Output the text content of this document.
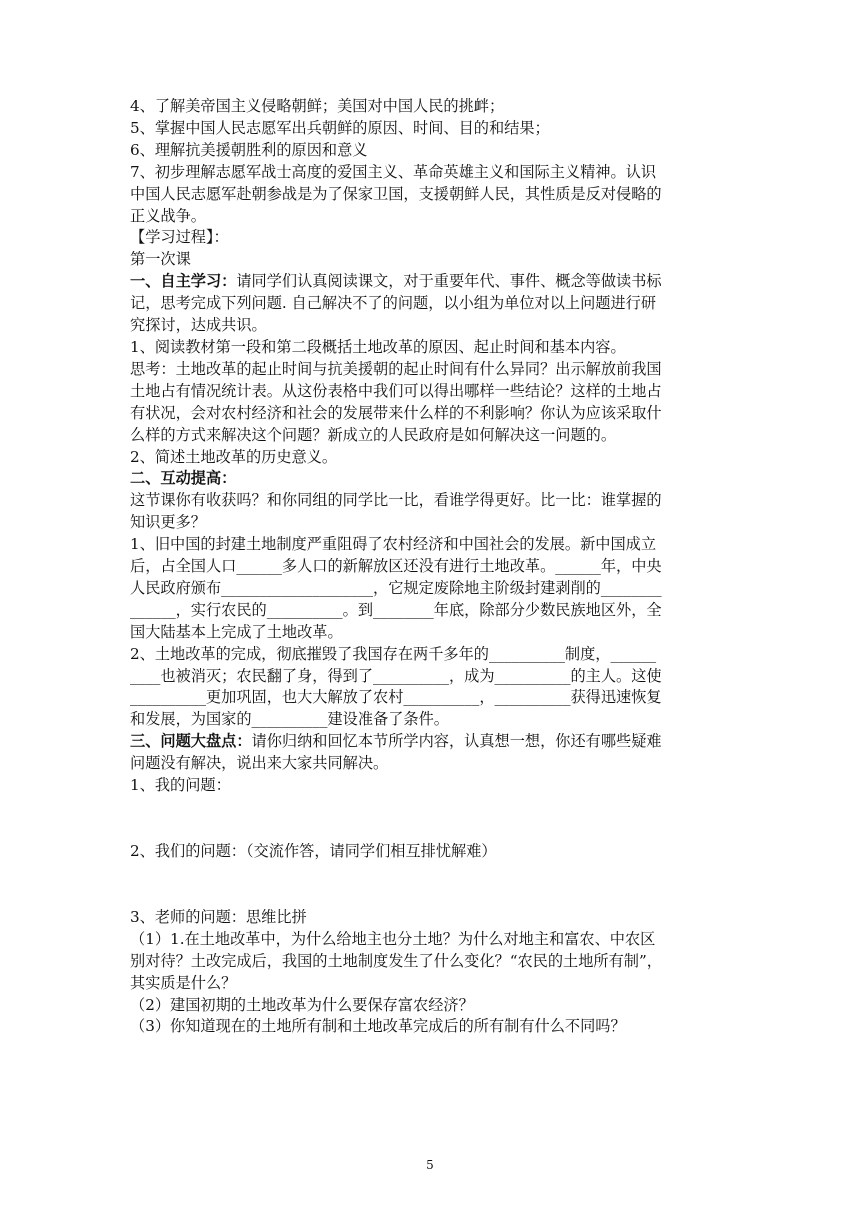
4、了解美帝国主义侵略朝鲜；美国对中国人民的挑衅；
5、掌握中国人民志愿军出兵朝鲜的原因、时间、目的和结果；
6、理解抗美援朝胜利的原因和意义
7、初步理解志愿军战士高度的爱国主义、革命英雄主义和国际主义精神。认识
中国人民志愿军赴朝参战是为了保家卫国，支援朝鲜人民，其性质是反对侵略的
正义战争。
【学习过程】：
第一次课
一、自主学习：请同学们认真阅读课文，对于重要年代、事件、概念等做读书标
记，思考完成下列问题. 自己解决不了的问题，以小组为单位对以上问题进行研
究探讨，达成共识。
1、阅读教材第一段和第二段概括土地改革的原因、起止时间和基本内容。
思考：土地改革的起止时间与抗美援朝的起止时间有什么异同？出示解放前我国
土地占有情况统计表。从这份表格中我们可以得出哪样一些结论？这样的土地占
有状况，会对农村经济和社会的发展带来什么样的不利影响？你认为应该采取什
么样的方式来解决这个问题？新成立的人民政府是如何解决这一问题的。
2、简述土地改革的历史意义。
二、互动提高：
这节课你有收获吗？和你同组的同学比一比，看谁学得更好。比一比：谁掌握的
知识更多？
1、旧中国的封建土地制度严重阻碍了农村经济和中国社会的发展。新中国成立
后，占全国人口______多人口的新解放区还没有进行土地改革。______年，中央
人民政府颁布____________________，它规定废除地主阶级封建剥削的________
______，实行农民的__________。到________年底，除部分少数民族地区外，全
国大陆基本上完成了土地改革。
2、土地改革的完成，彻底摧毁了我国存在两千多年的__________制度，______
____也被消灭；农民翻了身，得到了__________，成为__________的主人。这使
__________更加巩固，也大大解放了农村__________，__________获得迅速恢复
和发展，为国家的__________建设准备了条件。
三、问题大盘点：请你归纳和回忆本节所学内容，认真想一想，你还有哪些疑难
问题没有解决，说出来大家共同解决。
1、我的问题：
2、我们的问题：（交流作答，请同学们相互排忧解难）
3、老师的问题：思维比拼
（1）1.在土地改革中，为什么给地主也分土地？为什么对地主和富农、中农区
别对待？土改完成后，我国的土地制度发生了什么变化？“农民的土地所有制”，
其实质是什么？
（2）建国初期的土地改革为什么要保存富农经济？
（3）你知道现在的土地所有制和土地改革完成后的所有制有什么不同吗？
5
